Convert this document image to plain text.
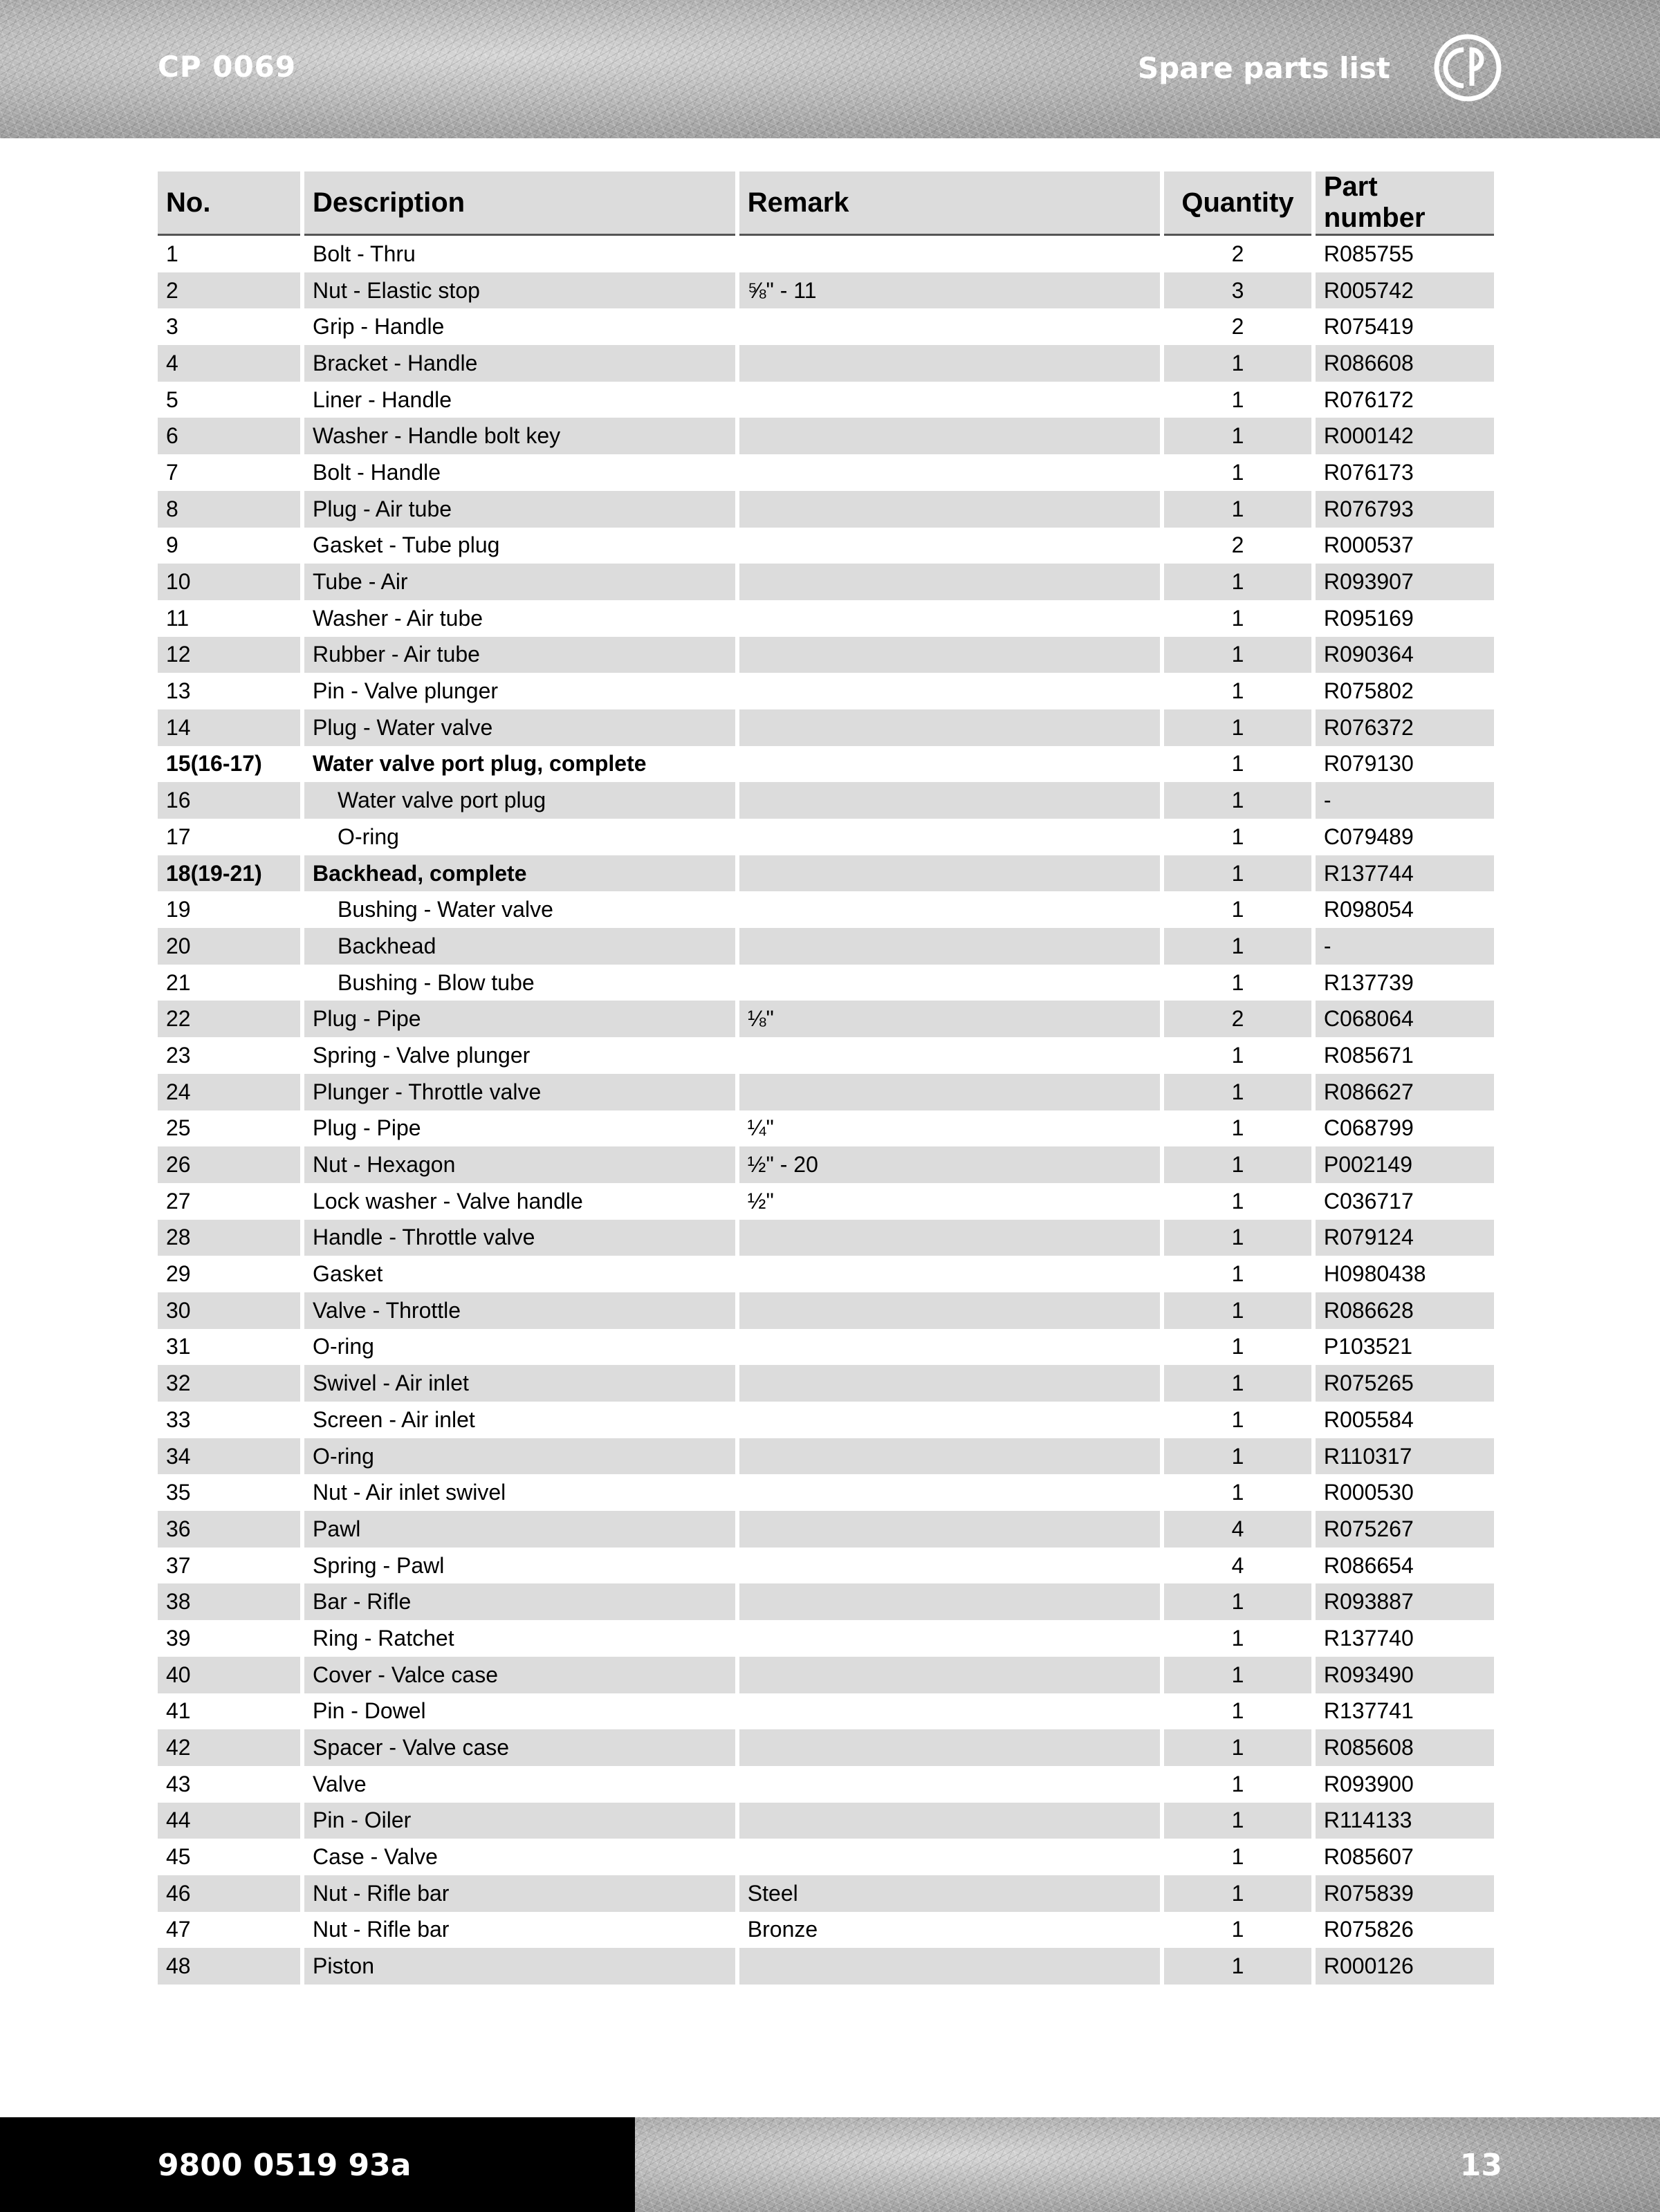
CP 0069	Spare parts list
No.	Description	Remark	Quantity	Part number
1	Bolt - Thru		2	R085755
2	Nut - Elastic stop	⅝" - 11	3	R005742
3	Grip - Handle		2	R075419
4	Bracket - Handle		1	R086608
5	Liner - Handle		1	R076172
6	Washer - Handle bolt key		1	R000142
7	Bolt - Handle		1	R076173
8	Plug - Air tube		1	R076793
9	Gasket - Tube plug		2	R000537
10	Tube - Air		1	R093907
11	Washer - Air tube		1	R095169
12	Rubber - Air tube		1	R090364
13	Pin - Valve plunger		1	R075802
14	Plug - Water valve		1	R076372
15(16-17)	Water valve port plug, complete		1	R079130
16	Water valve port plug		1	-
17	O-ring		1	C079489
18(19-21)	Backhead, complete		1	R137744
19	Bushing - Water valve		1	R098054
20	Backhead		1	-
21	Bushing - Blow tube		1	R137739
22	Plug - Pipe	⅛"	2	C068064
23	Spring - Valve plunger		1	R085671
24	Plunger - Throttle valve		1	R086627
25	Plug - Pipe	¼"	1	C068799
26	Nut - Hexagon	½" - 20	1	P002149
27	Lock washer - Valve handle	½"	1	C036717
28	Handle - Throttle valve		1	R079124
29	Gasket		1	H0980438
30	Valve - Throttle		1	R086628
31	O-ring		1	P103521
32	Swivel - Air inlet		1	R075265
33	Screen - Air inlet		1	R005584
34	O-ring		1	R110317
35	Nut - Air inlet swivel		1	R000530
36	Pawl		4	R075267
37	Spring - Pawl		4	R086654
38	Bar - Rifle		1	R093887
39	Ring - Ratchet		1	R137740
40	Cover - Valce case		1	R093490
41	Pin - Dowel		1	R137741
42	Spacer - Valve case		1	R085608
43	Valve		1	R093900
44	Pin - Oiler		1	R114133
45	Case - Valve		1	R085607
46	Nut - Rifle bar	Steel	1	R075839
47	Nut - Rifle bar	Bronze	1	R075826
48	Piston		1	R000126
9800 0519 93a	13
